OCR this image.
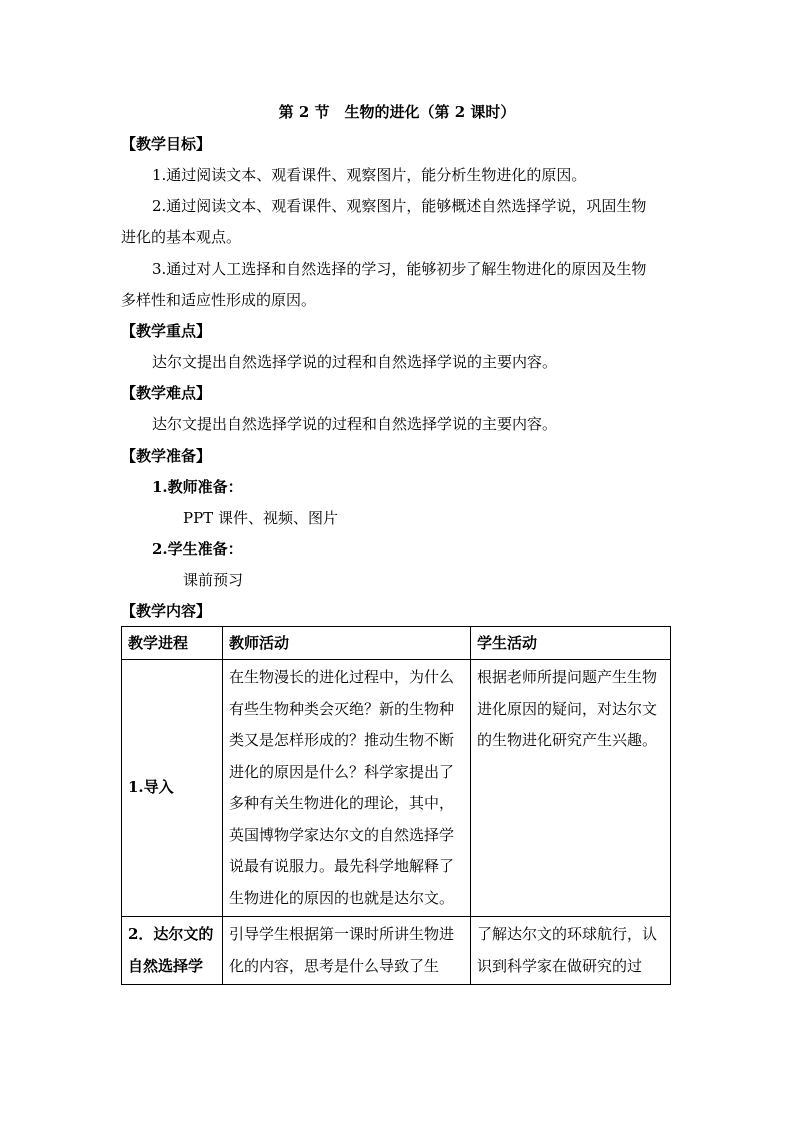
第 2 节　生物的进化（第 2 课时）
【教学目标】
1.通过阅读文本、观看课件、观察图片，能分析生物进化的原因。
2.通过阅读文本、观看课件、观察图片，能够概述自然选择学说，巩固生物
进化的基本观点。
3.通过对人工选择和自然选择的学习，能够初步了解生物进化的原因及生物
多样性和适应性形成的原因。
【教学重点】
达尔文提出自然选择学说的过程和自然选择学说的主要内容。
【教学难点】
达尔文提出自然选择学说的过程和自然选择学说的主要内容。
【教学准备】
1.教师准备：
PPT 课件、视频、图片
2.学生准备：
课前预习
【教学内容】
教学进程	教师活动	学生活动
1.导入	在生物漫长的进化过程中，为什么有些生物种类会灭绝？新的生物种类又是怎样形成的？推动生物不断进化的原因是什么？科学家提出了多种有关生物进化的理论，其中，英国博物学家达尔文的自然选择学说最有说服力。最先科学地解释了生物进化的原因的也就是达尔文。	根据老师所提问题产生生物进化原因的疑问，对达尔文的生物进化研究产生兴趣。

2．达尔文的自然选择学	引导学生根据第一课时所讲生物进化的内容，思考是什么导致了生	了解达尔文的环球航行，认识到科学家在做研究的过
